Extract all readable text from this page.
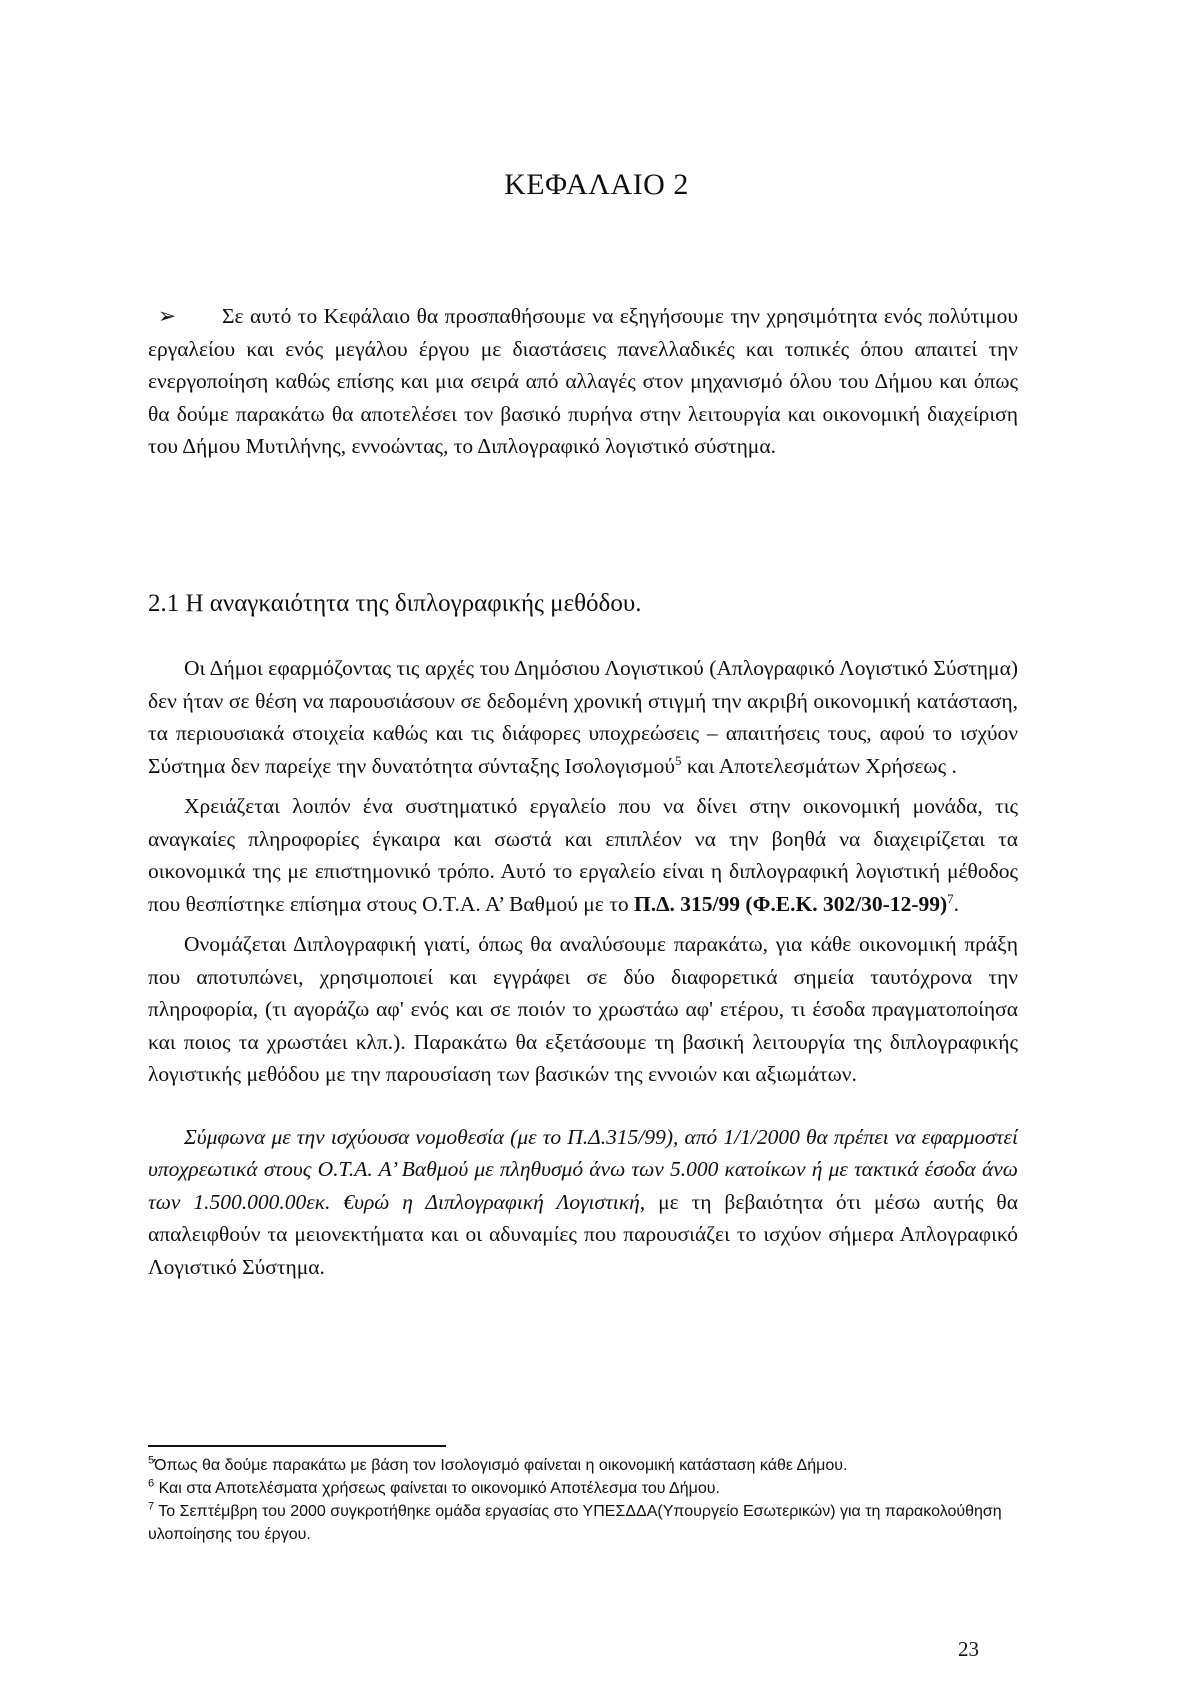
ΚΕΦΑΛΑΙΟ 2

➢ Σε αυτό το Κεφάλαιο θα προσπαθήσουμε να εξηγήσουμε την χρησιμότητα ενός πολύτιμου εργαλείου και ενός μεγάλου έργου με διαστάσεις πανελλαδικές και τοπικές όπου απαιτεί την ενεργοποίηση καθώς επίσης και μια σειρά από αλλαγές στον μηχανισμό όλου του Δήμου και όπως θα δούμε παρακάτω θα αποτελέσει τον βασικό πυρήνα στην λειτουργία και οικονομική διαχείριση του Δήμου Μυτιλήνης, εννοώντας, το Διπλογραφικό λογιστικό σύστημα.

2.1 Η αναγκαιότητα της διπλογραφικής μεθόδου.

Οι Δήμοι εφαρμόζοντας τις αρχές του Δημόσιου Λογιστικού (Απλογραφικό Λογιστικό Σύστημα) δεν ήταν σε θέση να παρουσιάσουν σε δεδομένη χρονική στιγμή την ακριβή οικονομική κατάσταση, τα περιουσιακά στοιχεία καθώς και τις διάφορες υποχρεώσεις – απαιτήσεις τους, αφού το ισχύον Σύστημα δεν παρείχε την δυνατότητα σύνταξης Ισολογισμού$^5$ και Αποτελεσμάτων Χρήσεως .

Χρειάζεται λοιπόν ένα συστηματικό εργαλείο που να δίνει στην οικονομική μονάδα, τις αναγκαίες πληροφορίες έγκαιρα και σωστά και επιπλέον να την βοηθά να διαχειρίζεται τα οικονομικά της με επιστημονικό τρόπο. Αυτό το εργαλείο είναι η διπλογραφική λογιστική μέθοδος που θεσπίστηκε επίσημα στους Ο.Τ.Α. Α’ Βαθμού με το Π.Δ. 315/99 (Φ.Ε.Κ. 302/30-12-99)$^7$.

Ονομάζεται Διπλογραφική γιατί, όπως θα αναλύσουμε παρακάτω, για κάθε οικονομική πράξη που αποτυπώνει, χρησιμοποιεί και εγγράφει σε δύο διαφορετικά σημεία ταυτόχρονα την πληροφορία, (τι αγοράζω αφ' ενός και σε ποιόν το χρωστάω αφ' ετέρου, τι έσοδα πραγματοποίησα και ποιος τα χρωστάει κλπ.). Παρακάτω θα εξετάσουμε τη βασική λειτουργία της διπλογραφικής λογιστικής μεθόδου με την παρουσίαση των βασικών της εννοιών και αξιωμάτων.

Σύμφωνα με την ισχύουσα νομοθεσία (με το Π.Δ.315/99), από 1/1/2000 θα πρέπει να εφαρμοστεί υποχρεωτικά στους Ο.Τ.Α. Α’ Βαθμού με πληθυσμό άνω των 5.000 κατοίκων ή με τακτικά έσοδα άνω των 1.500.000.00εκ. €υρώ η Διπλογραφική Λογιστική, με τη βεβαιότητα ότι μέσω αυτής θα απαλειφθούν τα μειονεκτήματα και οι αδυναμίες που παρουσιάζει το ισχύον σήμερα Απλογραφικό Λογιστικό Σύστημα.

$^5$Όπως θα δούμε παρακάτω με βάση τον Ισολογισμό φαίνεται η οικονομική κατάσταση κάθε Δήμου.
$^6$ Και στα Αποτελέσματα χρήσεως φαίνεται το οικονομικό Αποτέλεσμα του Δήμου.
$^7$ Το Σεπτέμβρη του 2000 συγκροτήθηκε ομάδα εργασίας στο ΥΠΕΣΔΔΑ(Υπουργείο Εσωτερικών) για τη παρακολούθηση υλοποίησης του έργου.
23
